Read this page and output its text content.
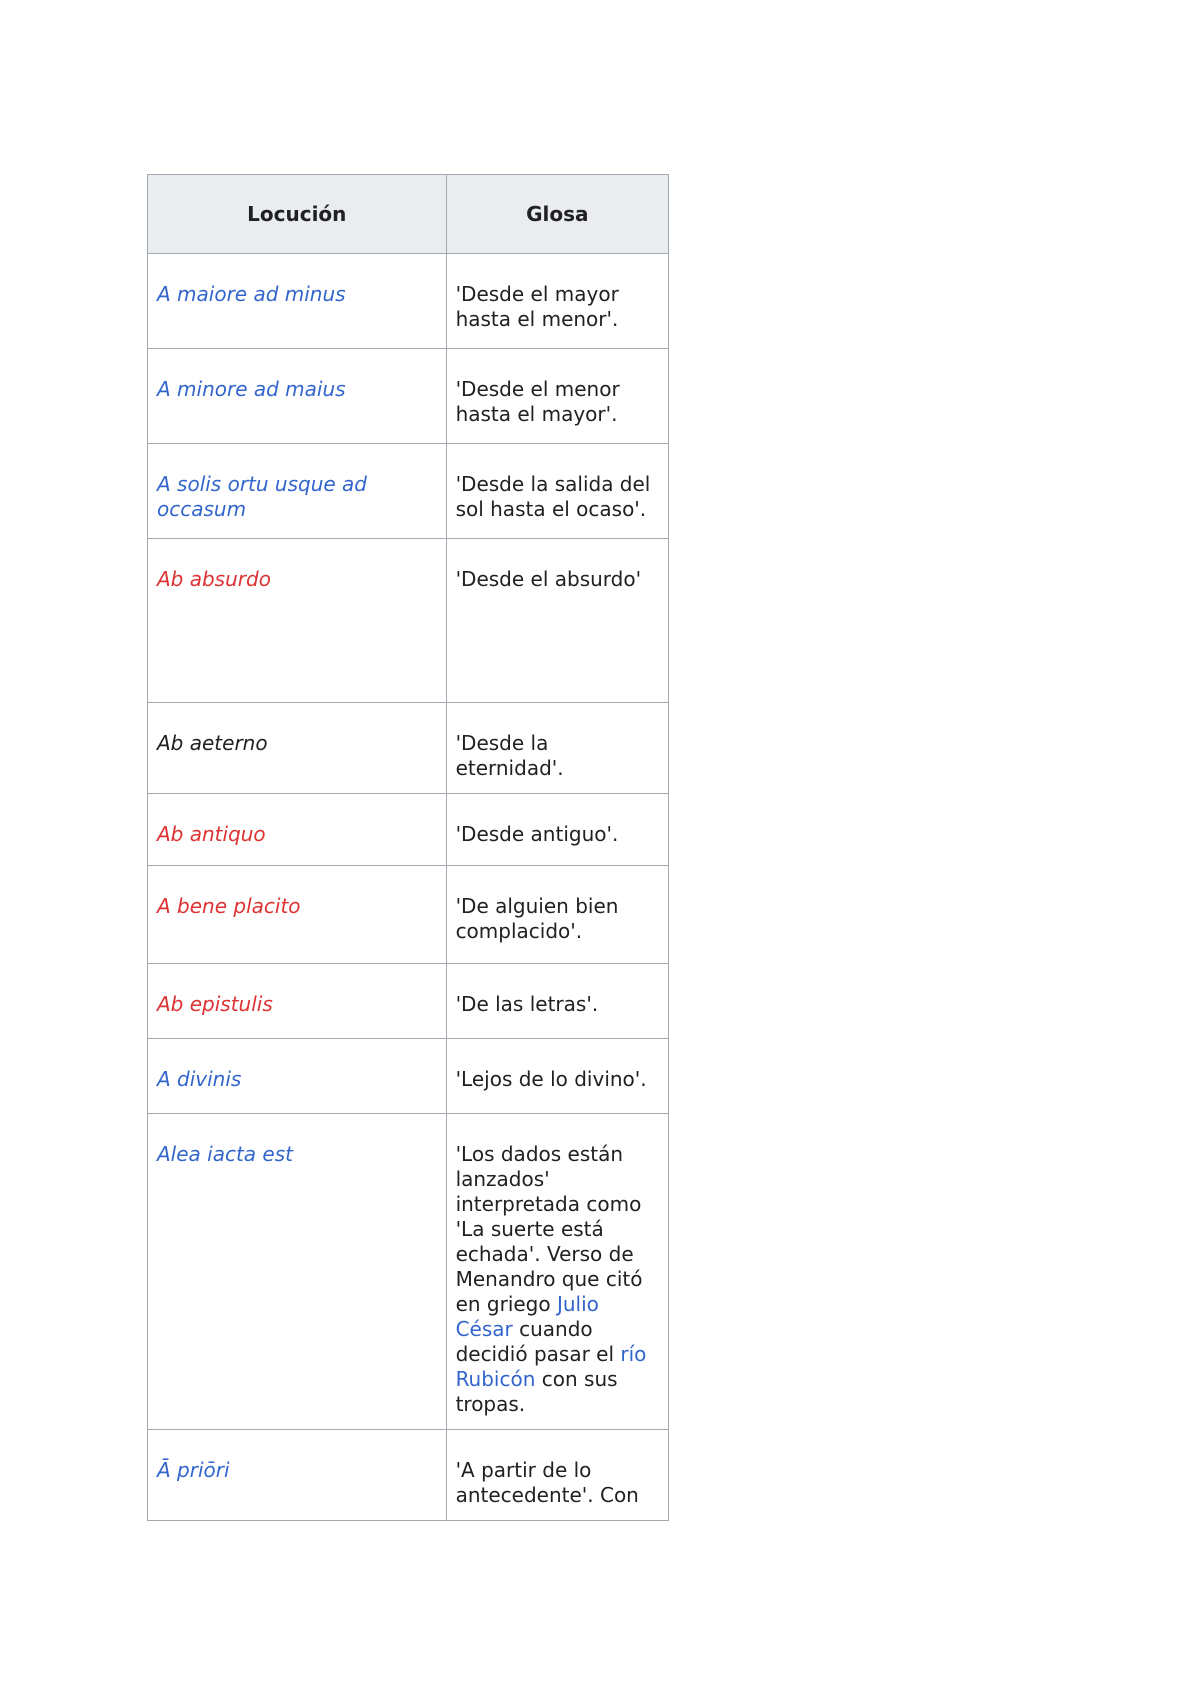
Locución	Glosa

A maiore ad minus	'Desde el mayor hasta el menor'.

A minore ad maius	'Desde el menor hasta el mayor'.

A solis ortu usque ad occasum	'Desde la salida del sol hasta el ocaso'.

Ab absurdo	'Desde el absurdo'

Ab aeterno	'Desde la eternidad'.

Ab antiquo	'Desde antiguo'.

A bene placito	'De alguien bien complacido'.

Ab epistulis	'De las letras'.

A divinis	'Lejos de lo divino'.

Alea iacta est	'Los dados están lanzados' interpretada como 'La suerte está echada'. Verso de Menandro que citó en griego Julio César cuando decidió pasar el río Rubicón con sus tropas.

Ā priōri	'A partir de lo antecedente'. Con
